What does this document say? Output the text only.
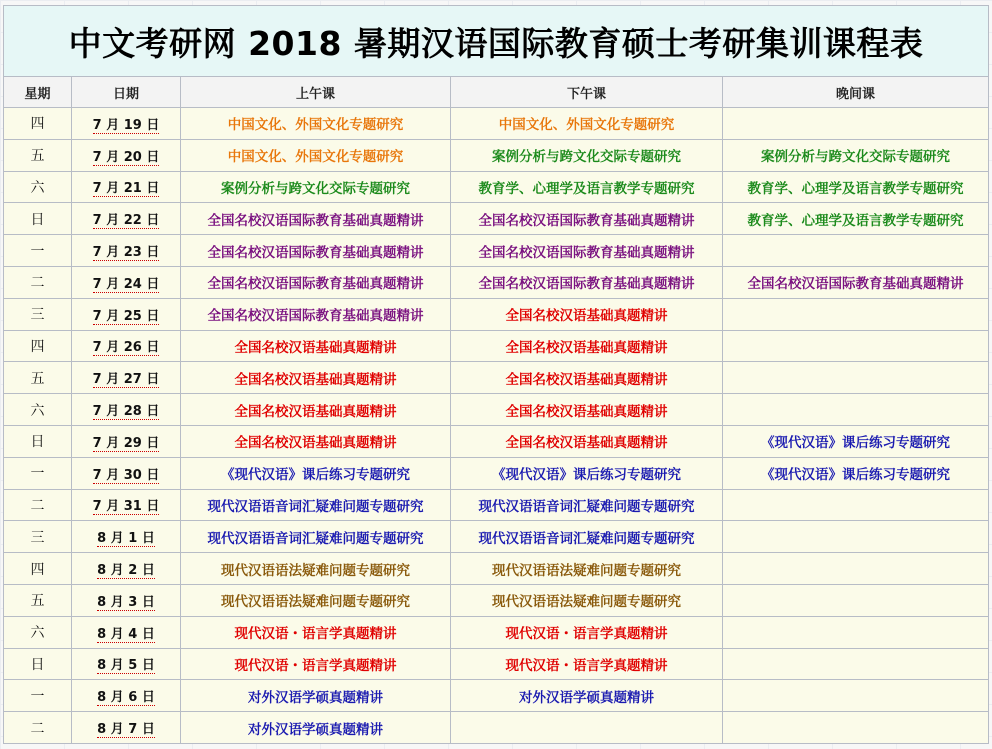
中文考研网 2018 暑期汉语国际教育硕士考研集训课程表				
星期	日期	上午课	下午课	晚间课
四	7 月 19 日	中国文化、外国文化专题研究	中国文化、外国文化专题研究	
五	7 月 20 日	中国文化、外国文化专题研究	案例分析与跨文化交际专题研究	案例分析与跨文化交际专题研究
六	7 月 21 日	案例分析与跨文化交际专题研究	教育学、心理学及语言教学专题研究	教育学、心理学及语言教学专题研究
日	7 月 22 日	全国名校汉语国际教育基础真题精讲	全国名校汉语国际教育基础真题精讲	教育学、心理学及语言教学专题研究
一	7 月 23 日	全国名校汉语国际教育基础真题精讲	全国名校汉语国际教育基础真题精讲	
二	7 月 24 日	全国名校汉语国际教育基础真题精讲	全国名校汉语国际教育基础真题精讲	全国名校汉语国际教育基础真题精讲
三	7 月 25 日	全国名校汉语国际教育基础真题精讲	全国名校汉语基础真题精讲	
四	7 月 26 日	全国名校汉语基础真题精讲	全国名校汉语基础真题精讲	
五	7 月 27 日	全国名校汉语基础真题精讲	全国名校汉语基础真题精讲	
六	7 月 28 日	全国名校汉语基础真题精讲	全国名校汉语基础真题精讲	
日	7 月 29 日	全国名校汉语基础真题精讲	全国名校汉语基础真题精讲	《现代汉语》课后练习专题研究
一	7 月 30 日	《现代汉语》课后练习专题研究	《现代汉语》课后练习专题研究	《现代汉语》课后练习专题研究
二	7 月 31 日	现代汉语语音词汇疑难问题专题研究	现代汉语语音词汇疑难问题专题研究	
三	8 月 1 日	现代汉语语音词汇疑难问题专题研究	现代汉语语音词汇疑难问题专题研究	
四	8 月 2 日	现代汉语语法疑难问题专题研究	现代汉语语法疑难问题专题研究	
五	8 月 3 日	现代汉语语法疑难问题专题研究	现代汉语语法疑难问题专题研究	
六	8 月 4 日	现代汉语・语言学真题精讲	现代汉语・语言学真题精讲	
日	8 月 5 日	现代汉语・语言学真题精讲	现代汉语・语言学真题精讲	
一	8 月 6 日	对外汉语学硕真题精讲	对外汉语学硕真题精讲	
二	8 月 7 日	对外汉语学硕真题精讲		
